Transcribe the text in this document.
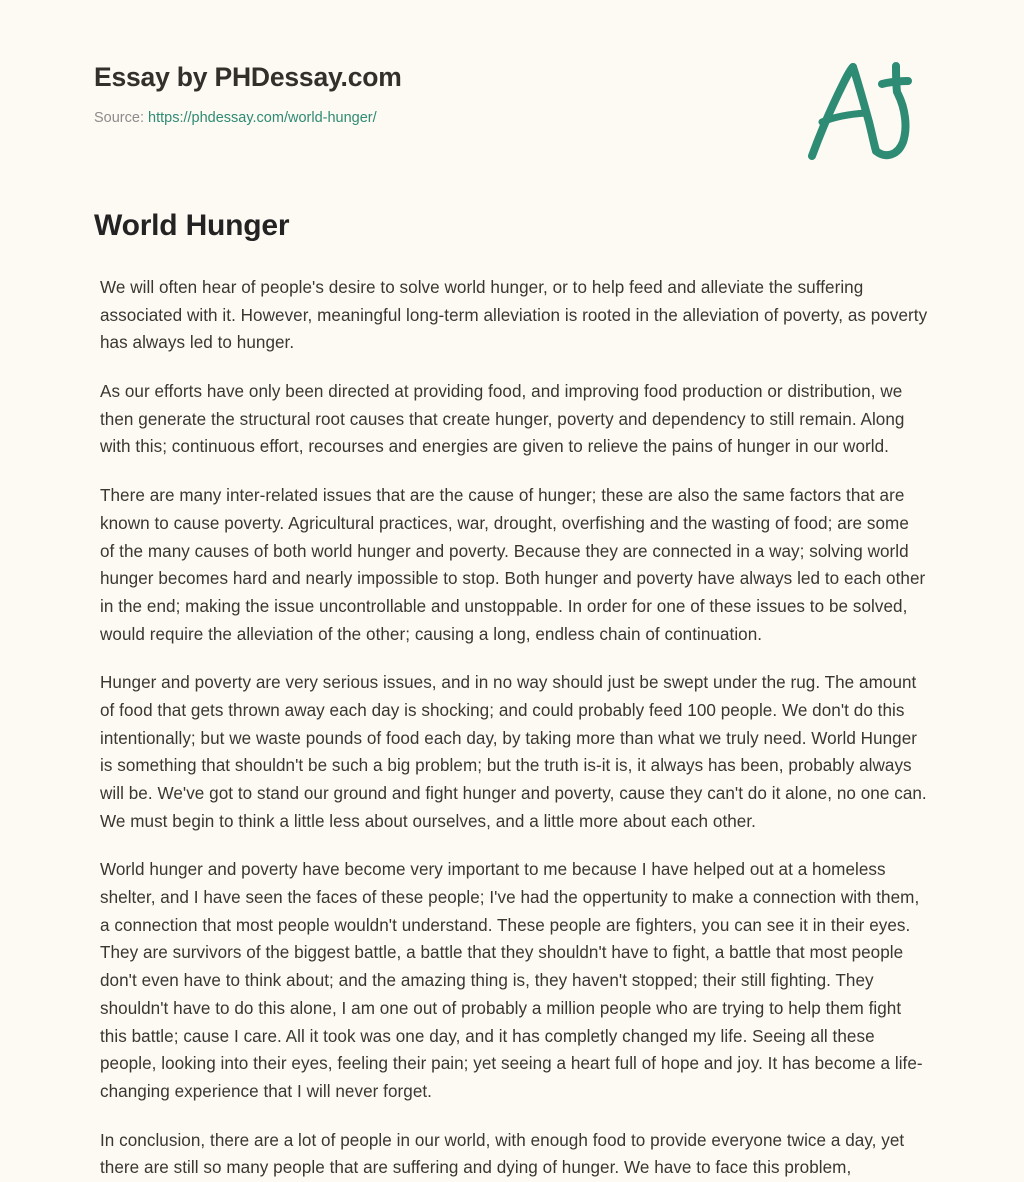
Essay by PHDessay.com
Source: https://phdessay.com/world-hunger/
World Hunger

We will often hear of people's desire to solve world hunger, or to help feed and alleviate the suffering associated with it. However, meaningful long-term alleviation is rooted in the alleviation of poverty, as poverty has always led to hunger.

As our efforts have only been directed at providing food, and improving food production or distribution, we then generate the structural root causes that create hunger, poverty and dependency to still remain. Along with this; continuous effort, recourses and energies are given to relieve the pains of hunger in our world.

There are many inter-related issues that are the cause of hunger; these are also the same factors that are known to cause poverty. Agricultural practices, war, drought, overfishing and the wasting of food; are some of the many causes of both world hunger and poverty. Because they are connected in a way; solving world hunger becomes hard and nearly impossible to stop. Both hunger and poverty have always led to each other in the end; making the issue uncontrollable and unstoppable. In order for one of these issues to be solved, would require the alleviation of the other; causing a long, endless chain of continuation.

Hunger and poverty are very serious issues, and in no way should just be swept under the rug. The amount of food that gets thrown away each day is shocking; and could probably feed 100 people. We don't do this intentionally; but we waste pounds of food each day, by taking more than what we truly need. World Hunger is something that shouldn't be such a big problem; but the truth is-it is, it always has been, probably always will be. We've got to stand our ground and fight hunger and poverty, cause they can't do it alone, no one can. We must begin to think a little less about ourselves, and a little more about each other.

World hunger and poverty have become very important to me because I have helped out at a homeless shelter, and I have seen the faces of these people; I've had the oppertunity to make a connection with them, a connection that most people wouldn't understand. These people are fighters, you can see it in their eyes. They are survivors of the biggest battle, a battle that they shouldn't have to fight, a battle that most people don't even have to think about; and the amazing thing is, they haven't stopped; their still fighting. They shouldn't have to do this alone, I am one out of probably a million people who are trying to help them fight this battle; cause I care. All it took was one day, and it has completly changed my life. Seeing all these people, looking into their eyes, feeling their pain; yet seeing a heart full of hope and joy. It has become a life-changing experience that I will never forget.

In conclusion, there are a lot of people in our world, with enough food to provide everyone twice a day, yet there are still so many people that are suffering and dying of hunger. We have to face this problem,
